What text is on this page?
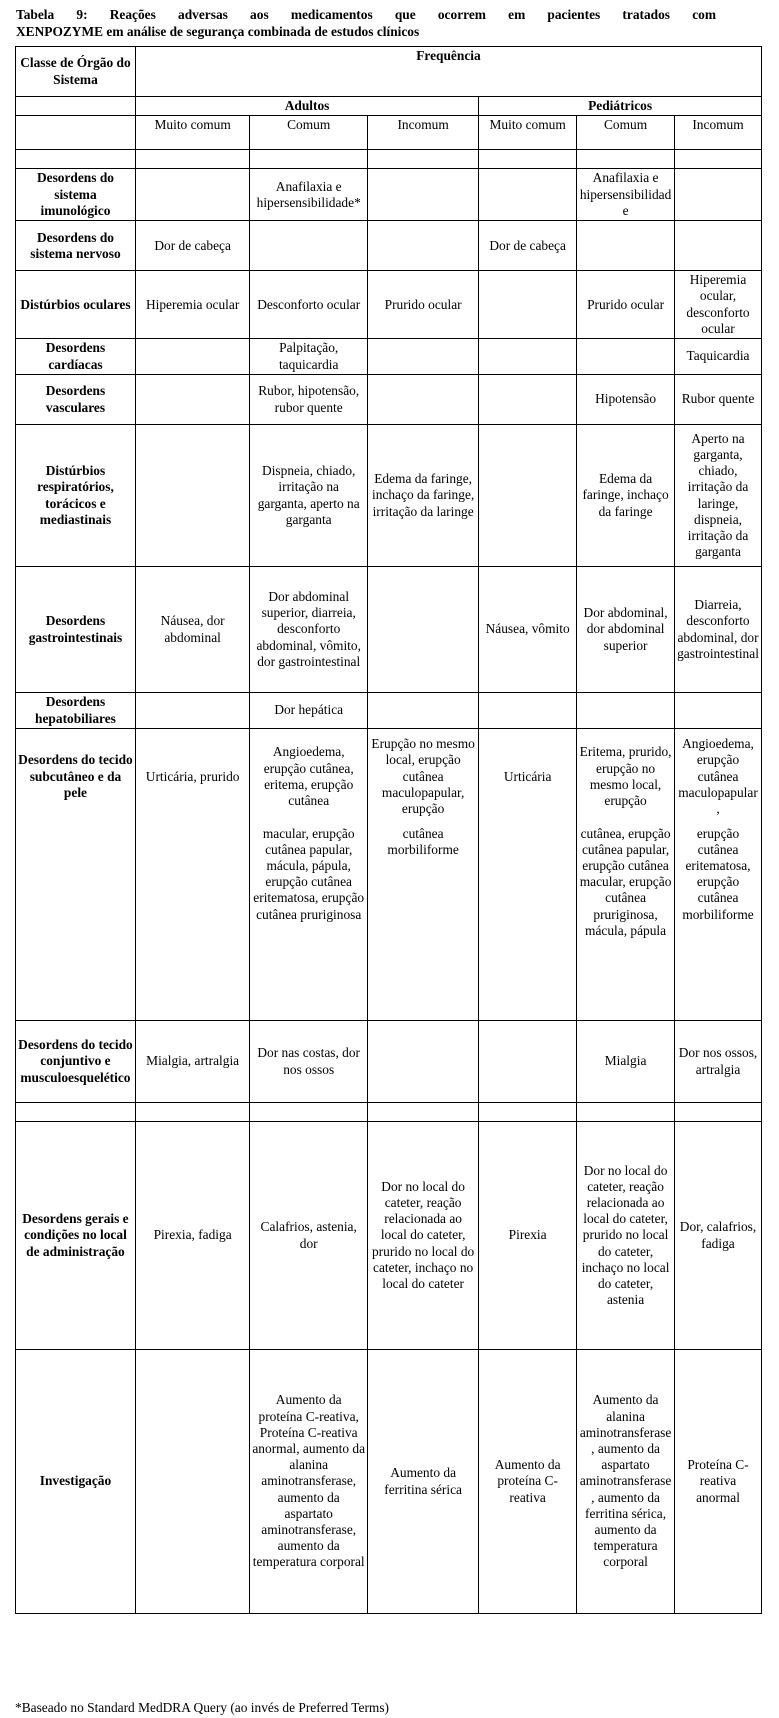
Tabela 9: Reações adversas aos medicamentos que ocorrem em pacientes tratados com
XENPOZYME em análise de segurança combinada de estudos clínicos
Classe de Órgão do Sistema	Frequência					
	Adultos			Pediátricos		
	Muito comum	Comum	Incomum	Muito comum	Comum	Incomum

Desordens do sistema imunológico		Anafilaxia e hipersensibilidade*			Anafilaxia e hipersensibilidade	
Desordens do sistema nervoso	Dor de cabeça			Dor de cabeça		
Distúrbios oculares	Hiperemia ocular	Desconforto ocular	Prurido ocular		Prurido ocular	Hiperemia ocular, desconforto ocular
Desordens cardíacas		Palpitação, taquicardia				Taquicardia
Desordens vasculares		Rubor, hipotensão, rubor quente			Hipotensão	Rubor quente
Distúrbios respiratórios, torácicos e mediastinais		Dispneia, chiado, irritação na garganta, aperto na garganta	Edema da faringe, inchaço da faringe, irritação da laringe		Edema da faringe, inchaço da faringe	Aperto na garganta, chiado, irritação da laringe, dispneia, irritação da garganta
Desordens gastrointestinais	Náusea, dor abdominal	Dor abdominal superior, diarreia, desconforto abdominal, vômito, dor gastrointestinal		Náusea, vômito	Dor abdominal, dor abdominal superior	Diarreia, desconforto abdominal, dor gastrointestinal
Desordens hepatobiliares		Dor hepática				
Desordens do tecido subcutâneo e da pele	Urticária, prurido	Angioedema, erupção cutânea, eritema, erupção cutânea	Erupção no mesmo local, erupção cutânea maculopapular, erupção	Urticária	Eritema, prurido, erupção no mesmo local, erupção	Angioedema, erupção cutânea maculopapular,
		macular, erupção cutânea papular, mácula, pápula, erupção cutânea eritematosa, erupção cutânea pruriginosa	cutânea morbiliforme		cutânea, erupção cutânea papular, erupção cutânea macular, erupção cutânea pruriginosa, mácula, pápula	erupção cutânea eritematosa, erupção cutânea morbiliforme
Desordens do tecido conjuntivo e musculoesquelético	Mialgia, artralgia	Dor nas costas, dor nos ossos			Mialgia	Dor nos ossos, artralgia

Desordens gerais e condições no local de administração	Pirexia, fadiga	Calafrios, astenia, dor	Dor no local do cateter, reação relacionada ao local do cateter, prurido no local do cateter, inchaço no local do cateter	Pirexia	Dor no local do cateter, reação relacionada ao local do cateter, prurido no local do cateter, inchaço no local do cateter, astenia	Dor, calafrios, fadiga
Investigação		Aumento da proteína C-reativa, Proteína C-reativa anormal, aumento da alanina aminotransferase, aumento da aspartato aminotransferase, aumento da temperatura corporal	Aumento da ferritina sérica	Aumento da proteína C-reativa	Aumento da alanina aminotransferase, aumento da aspartato aminotransferase, aumento da ferritina sérica, aumento da temperatura corporal	Proteína C-reativa anormal
*Baseado no Standard MedDRA Query (ao invés de Preferred Terms)
